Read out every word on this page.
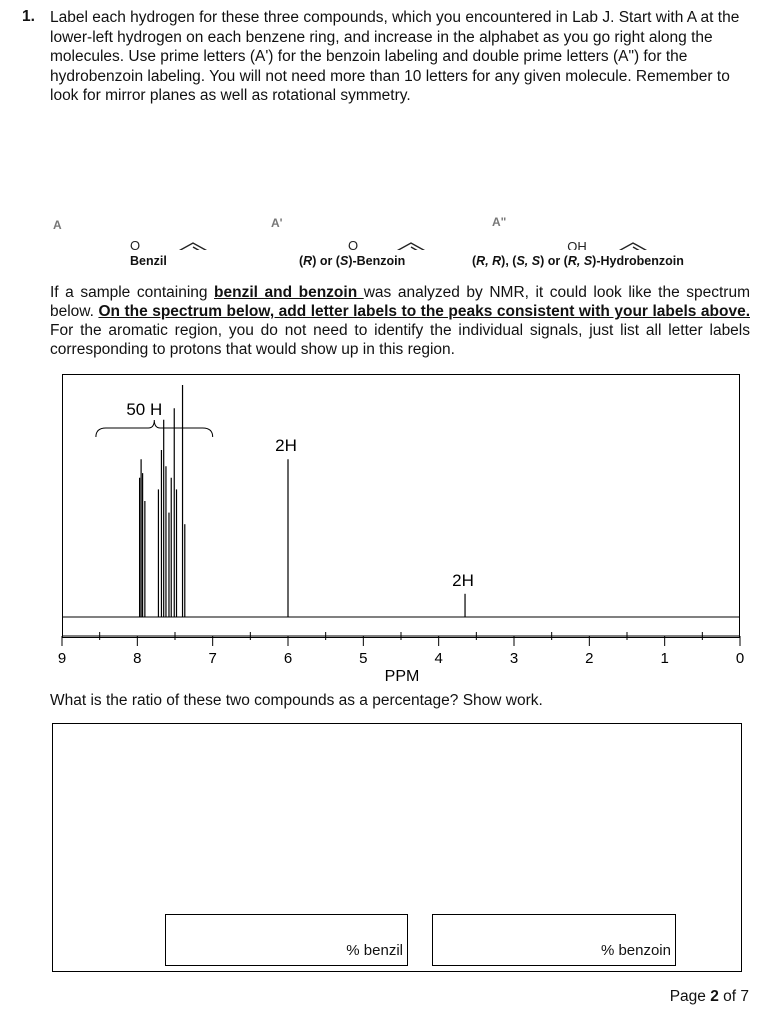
1. Label each hydrogen for these three compounds, which you encountered in Lab J. Start with A at the lower-left hydrogen on each benzene ring, and increase in the alphabet as you go right along the molecules. Use prime letters (A') for the benzoin labeling and double prime letters (A") for the hydrobenzoin labeling. You will not need more than 10 letters for any given molecule. Remember to look for mirror planes as well as rotational symmetry.
O	O	OH
A	A'	A"
Benzil	(R) or (S)-Benzoin	(R, R), (S, S) or (R, S)-Hydrobenzoin
If a sample containing benzil and benzoin was analyzed by NMR, it could look like the spectrum below. On the spectrum below, add letter labels to the peaks consistent with your labels above. For the aromatic region, you do not need to identify the individual signals, just list all letter labels corresponding to protons that would show up in this region.
9	8	7	6	5	4	3	2	1	0
50 H
2H
2H
PPM
What is the ratio of these two compounds as a percentage? Show work.
% benzil	% benzoin
Page 2 of 7
